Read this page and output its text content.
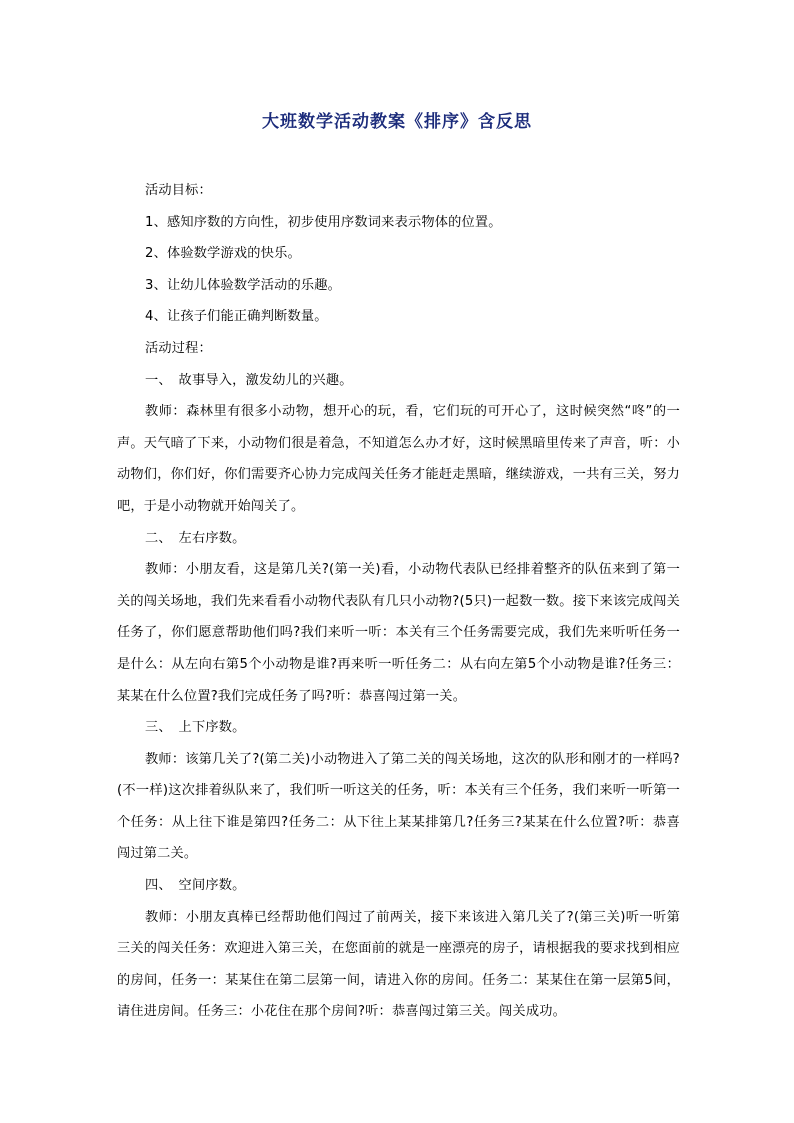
大班数学活动教案《排序》含反思

活动目标：

1、感知序数的方向性，初步使用序数词来表示物体的位置。

2、体验数学游戏的快乐。

3、让幼儿体验数学活动的乐趣。

4、让孩子们能正确判断数量。

活动过程：

一、　故事导入，激发幼儿的兴趣。

教师：森林里有很多小动物，想开心的玩，看，它们玩的可开心了，这时候突然“咚”的一声。天气暗了下来，小动物们很是着急，不知道怎么办才好，这时候黑暗里传来了声音，听：小动物们，你们好，你们需要齐心协力完成闯关任务才能赶走黑暗，继续游戏，一共有三关，努力吧，于是小动物就开始闯关了。

二、　左右序数。

教师：小朋友看，这是第几关?(第一关)看，小动物代表队已经排着整齐的队伍来到了第一关的闯关场地，我们先来看看小动物代表队有几只小动物?(5只)一起数一数。接下来该完成闯关任务了，你们愿意帮助他们吗?我们来听一听：本关有三个任务需要完成，我们先来听听任务一是什么：从左向右第5个小动物是谁?再来听一听任务二：从右向左第5个小动物是谁?任务三：某某在什么位置?我们完成任务了吗?听：恭喜闯过第一关。

三、　上下序数。

教师：该第几关了?(第二关)小动物进入了第二关的闯关场地，这次的队形和刚才的一样吗?(不一样)这次排着纵队来了，我们听一听这关的任务，听：本关有三个任务，我们来听一听第一个任务：从上往下谁是第四?任务二：从下往上某某排第几?任务三?某某在什么位置?听：恭喜闯过第二关。

四、　空间序数。

教师：小朋友真棒已经帮助他们闯过了前两关，接下来该进入第几关了?(第三关)听一听第三关的闯关任务：欢迎进入第三关，在您面前的就是一座漂亮的房子，请根据我的要求找到相应的房间，任务一：某某住在第二层第一间，请进入你的房间。任务二：某某住在第一层第5间，请住进房间。任务三：小花住在那个房间?听：恭喜闯过第三关。闯关成功。
